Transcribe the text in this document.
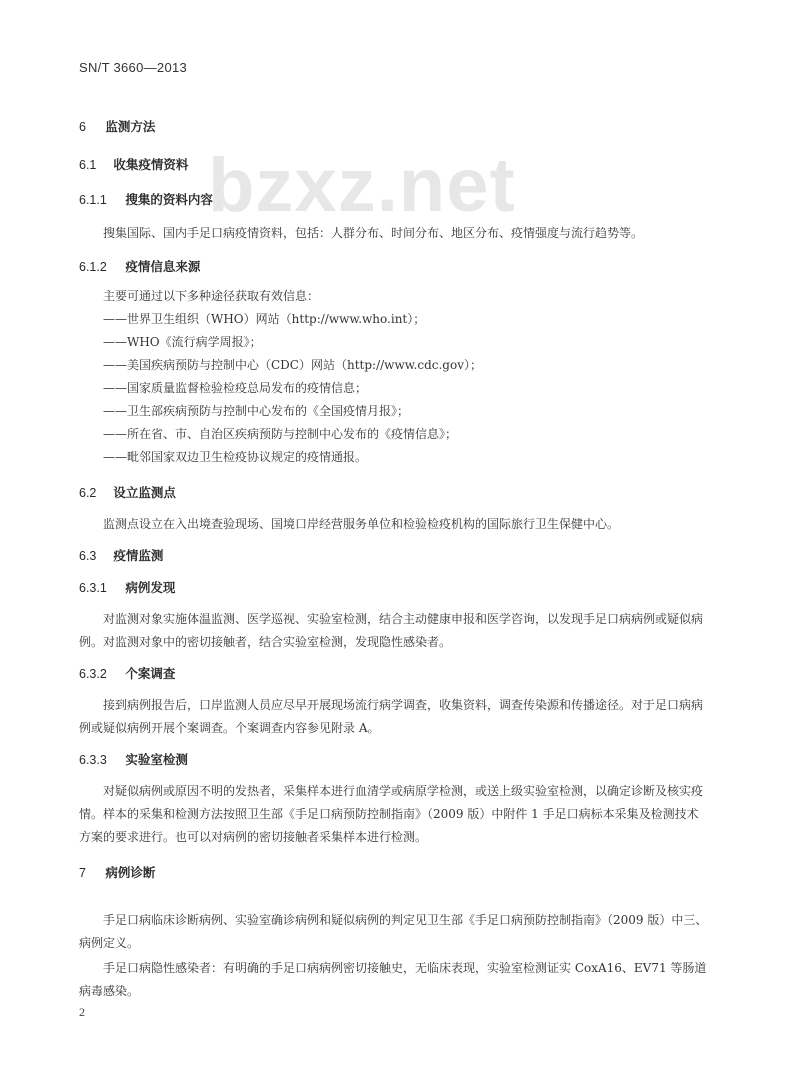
SN/T 3660—2013
bzxz.net
6 监测方法
6.1 收集疫情资料
6.1.1 搜集的资料内容

搜集国际、国内手足口病疫情资料，包括：人群分布、时间分布、地区分布、疫情强度与流行趋势等。

6.1.2 疫情信息来源

主要可通过以下多种途径获取有效信息：

——世界卫生组织（WHO）网站（http://www.who.int）；

——WHO《流行病学周报》；

——美国疾病预防与控制中心（CDC）网站（http://www.cdc.gov）；

——国家质量监督检验检疫总局发布的疫情信息；

——卫生部疾病预防与控制中心发布的《全国疫情月报》；

——所在省、市、自治区疾病预防与控制中心发布的《疫情信息》；

——毗邻国家双边卫生检疫协议规定的疫情通报。

6.2 设立监测点

监测点设立在入出境查验现场、国境口岸经营服务单位和检验检疫机构的国际旅行卫生保健中心。

6.3 疫情监测
6.3.1 病例发现

对监测对象实施体温监测、医学巡视、实验室检测，结合主动健康申报和医学咨询，以发现手足口病病例或疑似病例。对监测对象中的密切接触者，结合实验室检测，发现隐性感染者。

6.3.2 个案调查

接到病例报告后，口岸监测人员应尽早开展现场流行病学调查，收集资料，调查传染源和传播途径。对于足口病病例或疑似病例开展个案调查。个案调查内容参见附录 A。

6.3.3 实验室检测

对疑似病例或原因不明的发热者，采集样本进行血清学或病原学检测，或送上级实验室检测，以确定诊断及核实疫情。样本的采集和检测方法按照卫生部《手足口病预防控制指南》（2009 版）中附件 1 手足口病标本采集及检测技术方案的要求进行。也可以对病例的密切接触者采集样本进行检测。

7 病例诊断

手足口病临床诊断病例、实验室确诊病例和疑似病例的判定见卫生部《手足口病预防控制指南》（2009 版）中三、病例定义。

手足口病隐性感染者：有明确的手足口病病例密切接触史，无临床表现，实验室检测证实 CoxA16、EV71 等肠道病毒感染。

2
